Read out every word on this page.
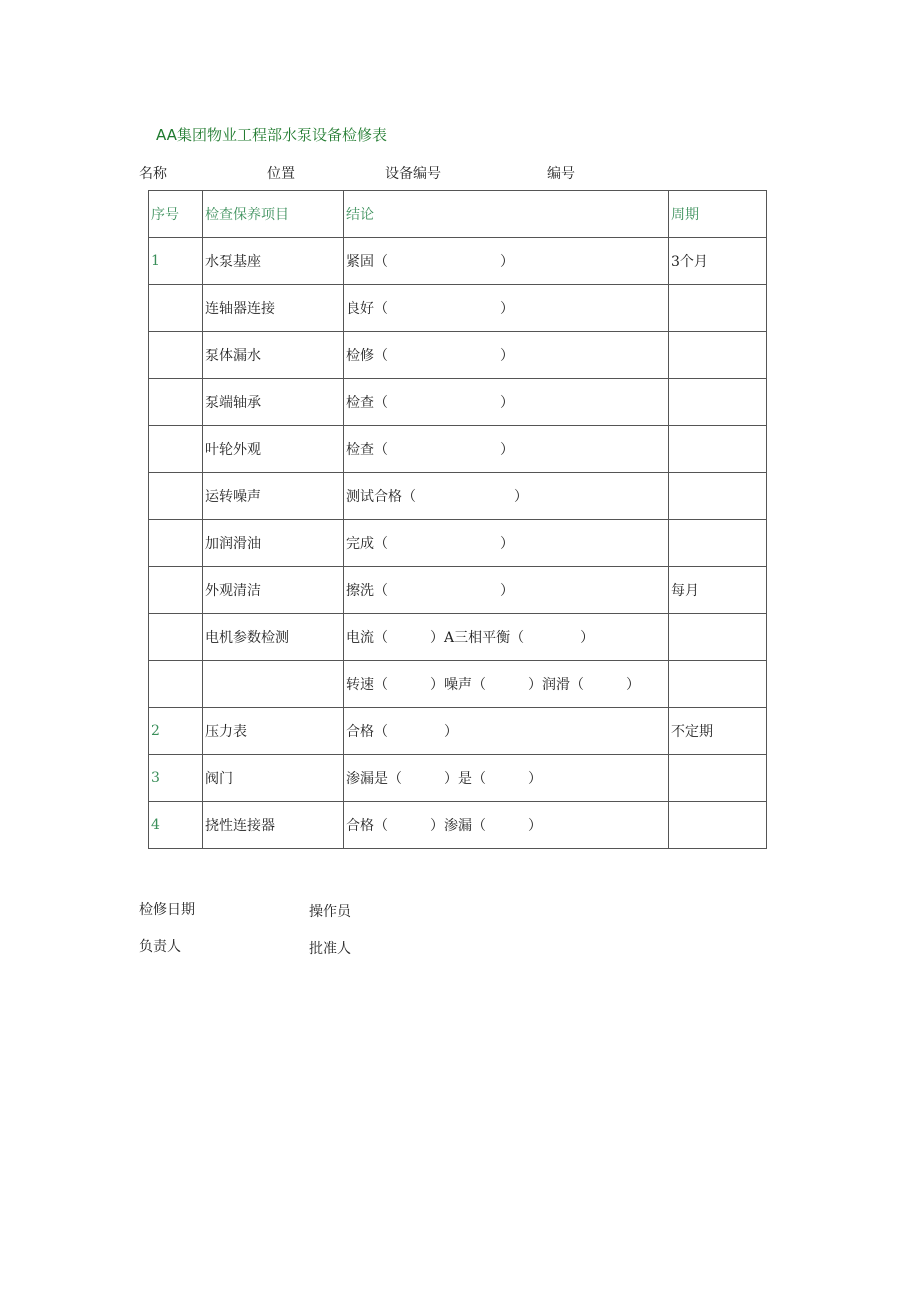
AA集团物业工程部水泵设备检修表
名称	位置	设备编号	编号
序号	检查保养项目	结论	周期
1	水泵基座	紧固（　　　　　　　　）	3个月
	连轴器连接	良好（　　　　　　　　）	
	泵体漏水	检修（　　　　　　　　）	
	泵端轴承	检查（　　　　　　　　）	
	叶轮外观	检查（　　　　　　　　）	
	运转噪声	测试合格（　　　　　　　）	
	加润滑油	完成（　　　　　　　　）	
	外观清洁	擦洗（　　　　　　　　）	每月
	电机参数检测	电流（　　　）A三相平衡（　　　　）	
		转速（　　　）噪声（　　　）润滑（　　　）	
2	压力表	合格（　　　　）	不定期
3	阀门	渗漏是（　　　）是（　　　）	
4	挠性连接器	合格（　　　）渗漏（　　　）	
检修日期	操作员
负责人	批准人
